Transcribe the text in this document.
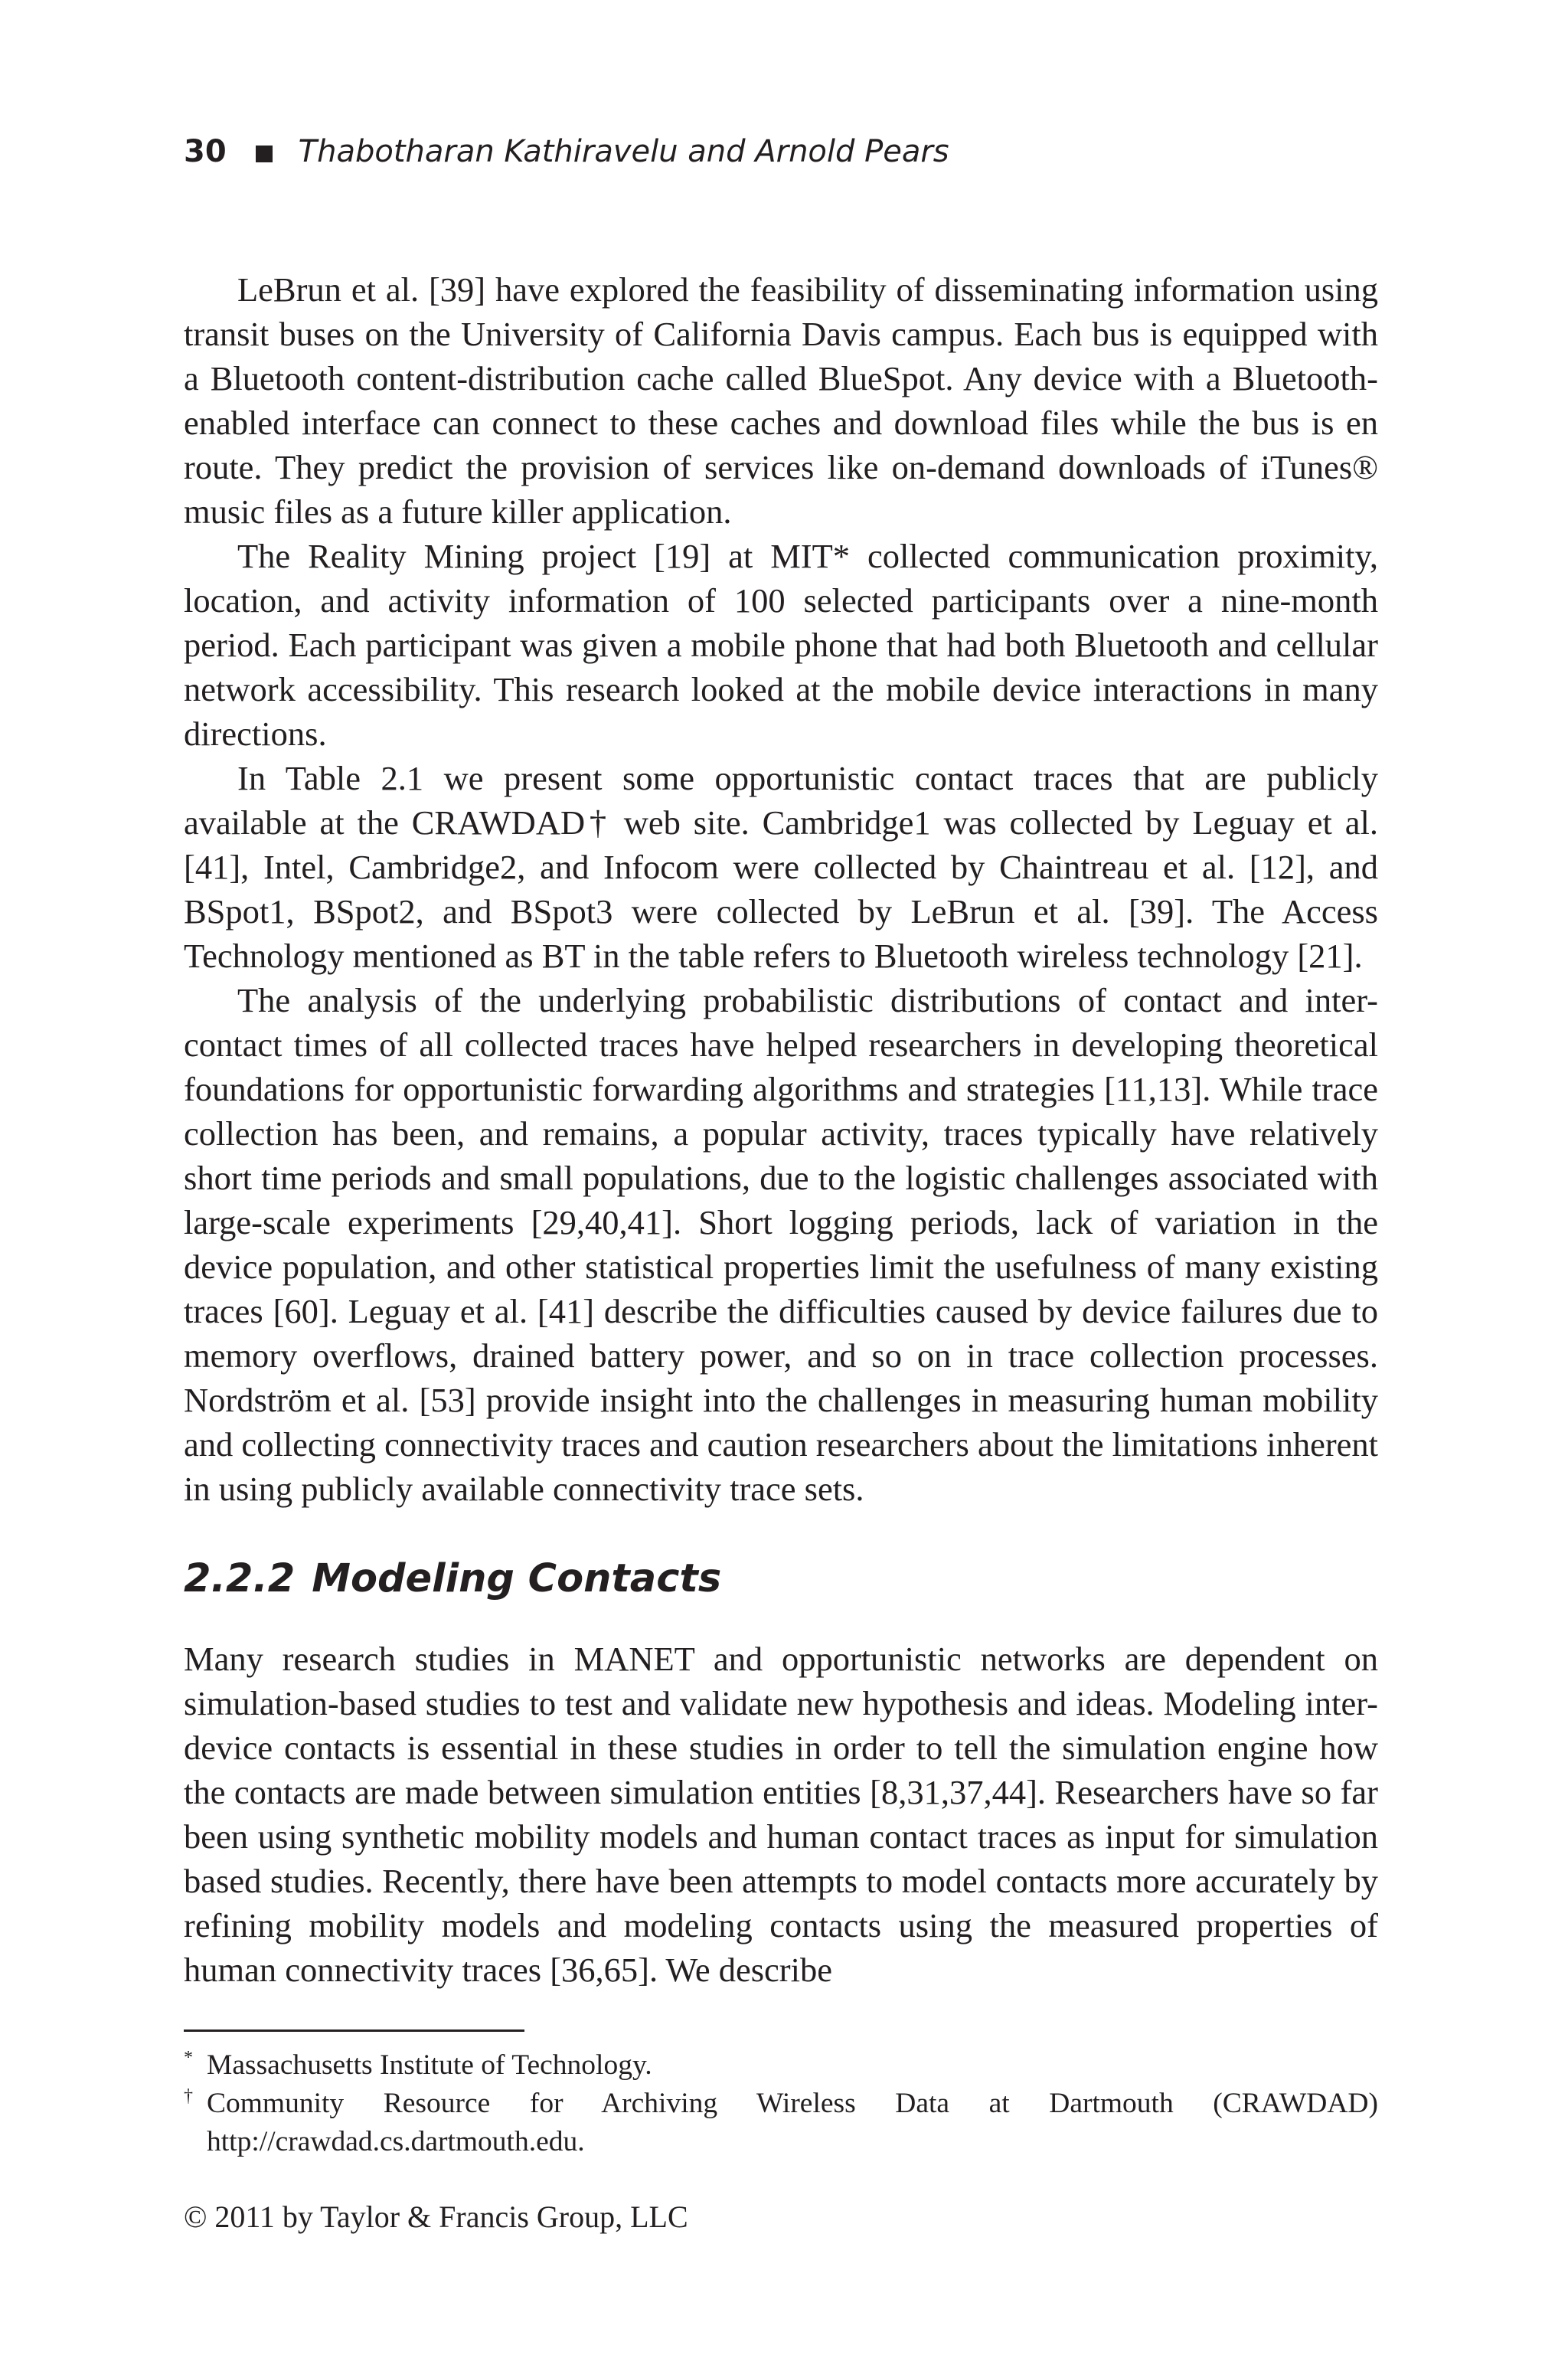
30 Thabotharan Kathiravelu and Arnold Pears

LeBrun et al. [39] have explored the feasibility of disseminating information using transit buses on the University of California Davis campus. Each bus is equipped with a Bluetooth content-distribution cache called BlueSpot. Any device with a Bluetooth-enabled interface can connect to these caches and download files while the bus is en route. They predict the provision of services like on-demand downloads of iTunes® music files as a future killer application.

The Reality Mining project [19] at MIT* collected communication proximity, location, and activity information of 100 selected participants over a nine-month period. Each participant was given a mobile phone that had both Bluetooth and cellular network accessibility. This research looked at the mobile device interactions in many directions.

In Table 2.1 we present some opportunistic contact traces that are publicly available at the CRAWDAD† web site. Cambridge1 was collected by Leguay et al. [41], Intel, Cambridge2, and Infocom were collected by Chaintreau et al. [12], and BSpot1, BSpot2, and BSpot3 were collected by LeBrun et al. [39]. The Access Technology mentioned as BT in the table refers to Bluetooth wireless technology [21].

The analysis of the underlying probabilistic distributions of contact and inter-contact times of all collected traces have helped researchers in developing theoretical foundations for opportunistic forwarding algorithms and strategies [11,13]. While trace collection has been, and remains, a popular activity, traces typically have relatively short time periods and small populations, due to the logistic challenges associated with large-scale experiments [29,40,41]. Short logging periods, lack of variation in the device population, and other statistical properties limit the usefulness of many existing traces [60]. Leguay et al. [41] describe the difficulties caused by device failures due to memory overflows, drained battery power, and so on in trace collection processes. Nordström et al. [53] provide insight into the challenges in measuring human mobility and collecting connectivity traces and caution researchers about the limitations inherent in using publicly available connectivity trace sets.

2.2.2 Modeling Contacts

Many research studies in MANET and opportunistic networks are dependent on simulation-based studies to test and validate new hypothesis and ideas. Modeling inter-device contacts is essential in these studies in order to tell the simulation engine how the contacts are made between simulation entities [8,31,37,44]. Researchers have so far been using synthetic mobility models and human contact traces as input for simulation based studies. Recently, there have been attempts to model contacts more accurately by refining mobility models and modeling contacts using the measured properties of human connectivity traces [36,65]. We describe

* Massachusetts Institute of Technology.
† Community Resource for Archiving Wireless Data at Dartmouth (CRAWDAD) http://crawdad.cs.dartmouth.edu.
© 2011 by Taylor & Francis Group, LLC
